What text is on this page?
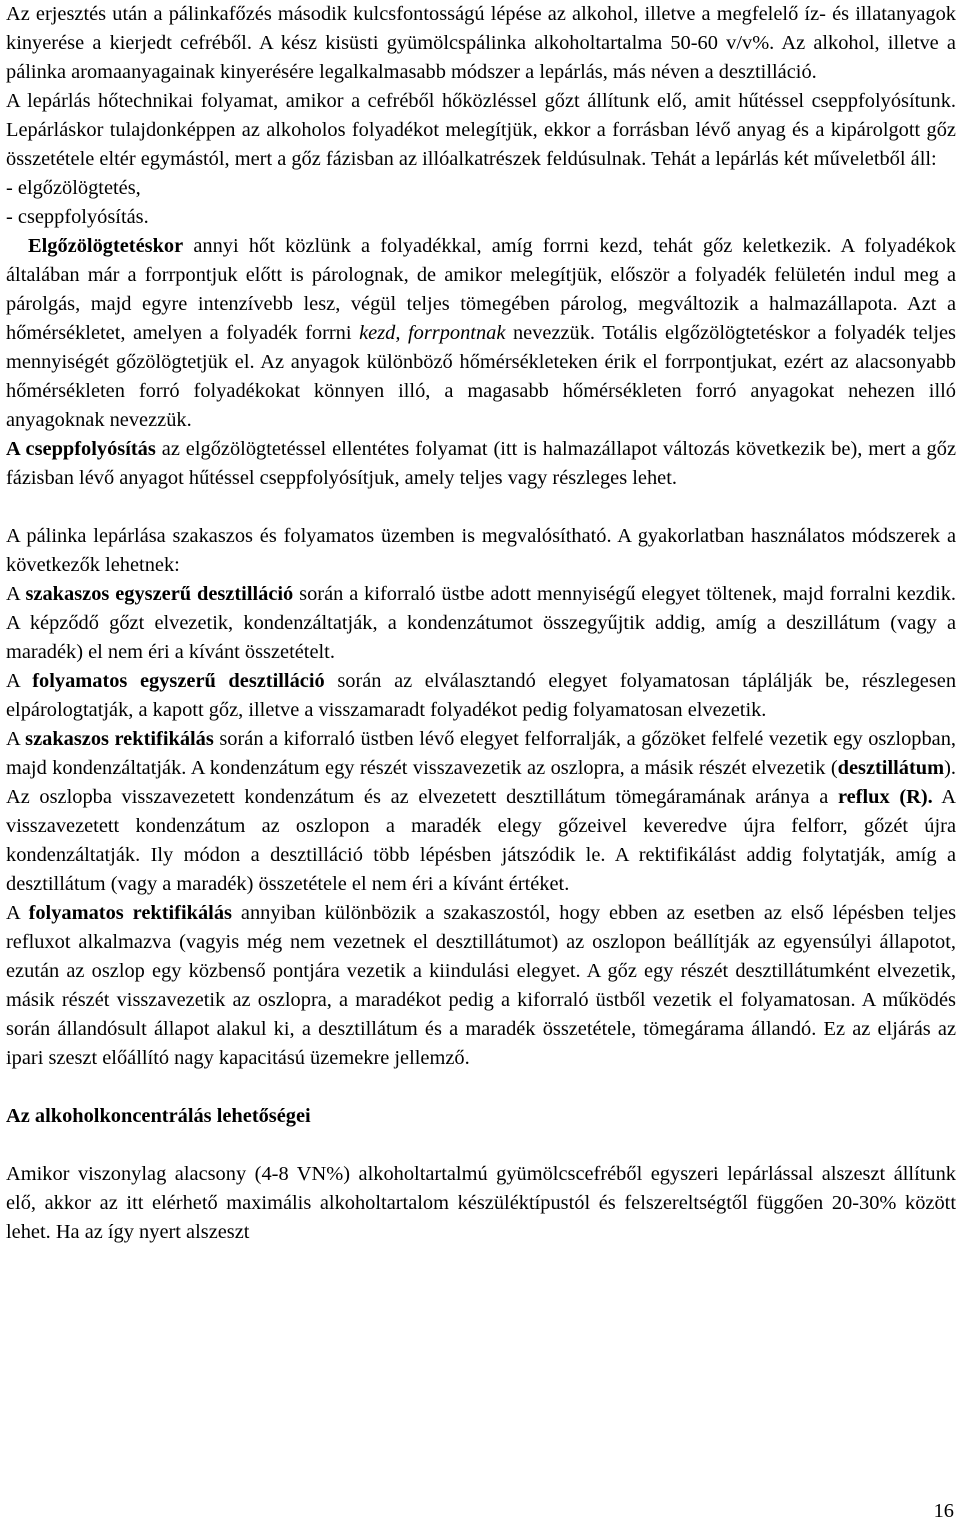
Az erjesztés után a pálinkafőzés második kulcsfontosságú lépése az alkohol, illetve a megfelelő íz- és illatanyagok kinyerése a kierjedt cefréből. A kész kisüsti gyümölcspálinka alkoholtartalma 50-60 v/v%. Az alkohol, illetve a pálinka aromaanyagainak kinyerésére legalkalmasabb módszer a lepárlás, más néven a desztilláció.

A lepárlás hőtechnikai folyamat, amikor a cefréből hőközléssel gőzt állítunk elő, amit hűtéssel cseppfolyósítunk. Lepárláskor tulajdonképpen az alkoholos folyadékot melegítjük, ekkor a forrásban lévő anyag és a kipárolgott gőz összetétele eltér egymástól, mert a gőz fázisban az illóalkatrészek feldúsulnak. Tehát a lepárlás két műveletből áll:

- elgőzölögtetés,

- cseppfolyósítás.

Elgőzölögtetéskor annyi hőt közlünk a folyadékkal, amíg forrni kezd, tehát gőz keletkezik. A folyadékok általában már a forrpontjuk előtt is párolognak, de amikor melegítjük, először a folyadék felületén indul meg a párolgás, majd egyre intenzívebb lesz, végül teljes tömegében párolog, megváltozik a halmazállapota. Azt a hőmérsékletet, amelyen a folyadék forrni kezd, forrpontnak nevezzük. Totális elgőzölögtetéskor a folyadék teljes mennyiségét gőzölögtetjük el. Az anyagok különböző hőmérsékleteken érik el forrpontjukat, ezért az alacsonyabb hőmérsékleten forró folyadékokat könnyen illó, a magasabb hőmérsékleten forró anyagokat nehezen illó anyagoknak nevezzük.

A cseppfolyósítás az elgőzölögtetéssel ellentétes folyamat (itt is halmazállapot változás következik be), mert a gőz fázisban lévő anyagot hűtéssel cseppfolyósítjuk, amely teljes vagy részleges lehet.

A pálinka lepárlása szakaszos és folyamatos üzemben is megvalósítható. A gyakorlatban használatos módszerek a következők lehetnek:

A szakaszos egyszerű desztilláció során a kiforraló üstbe adott mennyiségű elegyet töltenek, majd forralni kezdik. A képződő gőzt elvezetik, kondenzáltatják, a kondenzátumot összegyűjtik addig, amíg a deszillátum (vagy a maradék) el nem éri a kívánt összetételt.

A folyamatos egyszerű desztilláció során az elválasztandó elegyet folyamatosan táplálják be, részlegesen elpárologtatják, a kapott gőz, illetve a visszamaradt folyadékot pedig folyamatosan elvezetik.

A szakaszos rektifikálás során a kiforraló üstben lévő elegyet felforralják, a gőzöket felfelé vezetik egy oszlopban, majd kondenzáltatják. A kondenzátum egy részét visszavezetik az oszlopra, a másik részét elvezetik (desztillátum). Az oszlopba visszavezetett kondenzátum és az elvezetett desztillátum tömegáramának aránya a reflux (R). A visszavezetett kondenzátum az oszlopon a maradék elegy gőzeivel keveredve újra felforr, gőzét újra kondenzáltatják. Ily módon a desztilláció több lépésben játszódik le. A rektifikálást addig folytatják, amíg a desztillátum (vagy a maradék) összetétele el nem éri a kívánt értéket.

A folyamatos rektifikálás annyiban különbözik a szakaszostól, hogy ebben az esetben az első lépésben teljes refluxot alkalmazva (vagyis még nem vezetnek el desztillátumot) az oszlopon beállítják az egyensúlyi állapotot, ezután az oszlop egy közbenső pontjára vezetik a kiindulási elegyet. A gőz egy részét desztillátumként elvezetik, másik részét visszavezetik az oszlopra, a maradékot pedig a kiforraló üstből vezetik el folyamatosan. A működés során állandósult állapot alakul ki, a desztillátum és a maradék összetétele, tömegárama állandó. Ez az eljárás az ipari szeszt előállító nagy kapacitású üzemekre jellemző.

Az alkoholkoncentrálás lehetőségei

Amikor viszonylag alacsony (4-8 VN%) alkoholtartalmú gyümölcscefréből egyszeri lepárlással alszeszt állítunk elő, akkor az itt elérhető maximális alkoholtartalom készüléktípustól és felszereltségtől függően 20-30% között lehet. Ha az így nyert alszeszt

16
